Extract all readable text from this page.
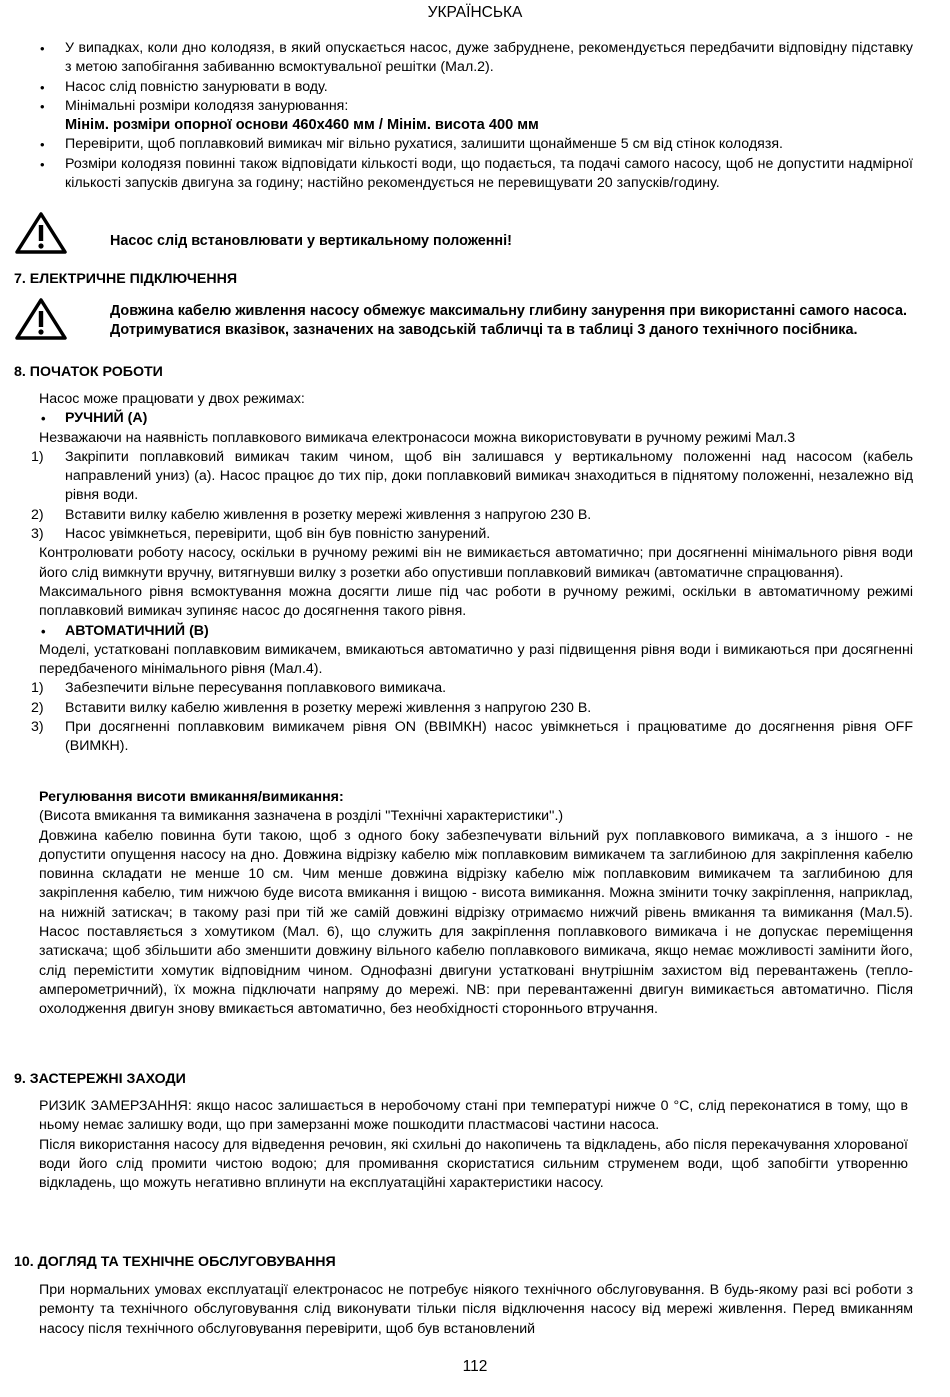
УКРАЇНСЬКА
• У випадках, коли дно колодязя, в який опускається насос, дуже забруднене, рекомендується передбачити відповідну підставку з метою запобігання забиванню всмоктувальної решітки (Мал.2).
• Насос слід повністю занурювати в воду.
• Мінімальні розміри колодязя занурювання:
Мінім. розміри опорної основи 460x460 мм / Мінім. висота 400 мм
• Перевірити, щоб поплавковий вимикач міг вільно рухатися, залишити щонайменше 5 см від стінок колодязя.
• Розміри колодязя повинні також відповідати кількості води, що подається, та подачі самого насосу, щоб не допустити надмірної кількості запусків двигуна за годину; настійно рекомендується не перевищувати 20 запусків/годину.
Насос слід встановлювати у вертикальному положенні!
7. ЕЛЕКТРИЧНЕ ПІДКЛЮЧЕННЯ
Довжина кабелю живлення насосу обмежує максимальну глибину занурення при використанні самого насоса. Дотримуватися вказівок, зазначених на заводській табличці та в таблиці 3 даного технічного посібника.
8. ПОЧАТОК РОБОТИ
Насос може працювати у двох режимах:
• РУЧНИЙ (A)
Незважаючи на наявність поплавкового вимикача електронасоси можна використовувати в ручному режимі Мал.3
1) Закріпити поплавковий вимикач таким чином, щоб він залишався у вертикальному положенні над насосом (кабель направлений униз) (a). Насос працює до тих пір, доки поплавковий вимикач знаходиться в піднятому положенні, незалежно від рівня води.
2) Вставити вилку кабелю живлення в розетку мережі живлення з напругою 230 В.
3) Насос увімкнеться, перевірити, щоб він був повністю занурений.
Контролювати роботу насосу, оскільки в ручному режимі він не вимикається автоматично; при досягненні мінімального рівня води його слід вимкнути вручну, витягнувши вилку з розетки або опустивши поплавковий вимикач (автоматичне спрацювання).
Максимального рівня всмоктування можна досягти лише під час роботи в ручному режимі, оскільки в автоматичному режимі поплавковий вимикач зупиняє насос до досягнення такого рівня.
• АВТОМАТИЧНИЙ (B)
Моделі, устатковані поплавковим вимикачем, вмикаються автоматично у разі підвищення рівня води і вимикаються при досягненні передбаченого мінімального рівня (Мал.4).
1) Забезпечити вільне пересування поплавкового вимикача.
2) Вставити вилку кабелю живлення в розетку мережі живлення з напругою 230 В.
3) При досягненні поплавковим вимикачем рівня ON (ВВІМКН) насос увімкнеться і працюватиме до досягнення рівня OFF (ВИМКН).
Регулювання висоти вмикання/вимикання:
(Висота вмикання та вимикання зазначена в розділі ''Технічні характеристики''.)
Довжина кабелю повинна бути такою, щоб з одного боку забезпечувати вільний рух поплавкового вимикача, а з іншого - не допустити опущення насосу на дно. Довжина відрізку кабелю між поплавковим вимикачем та заглибиною для закріплення кабелю повинна складати не менше 10 см. Чим менше довжина відрізку кабелю між поплавковим вимикачем та заглибиною для закріплення кабелю, тим нижчою буде висота вмикання і вищою - висота вимикання. Можна змінити точку закріплення, наприклад, на нижній затискач; в такому разі при тій же самій довжині відрізку отримаємо нижчий рівень вмикання та вимикання (Мал.5). Насос поставляється з хомутиком (Мал. 6), що служить для закріплення поплавкового вимикача і не допускає переміщення затискача; щоб збільшити або зменшити довжину вільного кабелю поплавкового вимикача, якщо немає можливості замінити його, слід перемістити хомутик відповідним чином. Однофазні двигуни устатковані внутрішнім захистом від перевантажень (тепло-амперометричний), їх можна підключати напряму до мережі. NB: при перевантаженні двигун вимикається автоматично. Після охолодження двигун знову вмикається автоматично, без необхідності стороннього втручання.
9. ЗАСТЕРЕЖНІ ЗАХОДИ
РИЗИК ЗАМЕРЗАННЯ: якщо насос залишається в неробочому стані при температурі нижче 0 °C, слід переконатися в тому, що в ньому немає залишку води, що при замерзанні може пошкодити пластмасові частини насоса.
Після використання насосу для відведення речовин, які схильні до накопичень та відкладень, або після перекачування хлорованої води його слід промити чистою водою; для промивання скористатися сильним струменем води, щоб запобігти утворенню відкладень, що можуть негативно вплинути на експлуатаційні характеристики насосу.
10. ДОГЛЯД ТА ТЕХНІЧНЕ ОБСЛУГОВУВАННЯ
При нормальних умовах експлуатації електронасос не потребує ніякого технічного обслуговування. В будь-якому разі всі роботи з ремонту та технічного обслуговування слід виконувати тільки після відключення насосу від мережі живлення. Перед вмиканням насосу після технічного обслуговування перевірити, щоб був встановлений
112
